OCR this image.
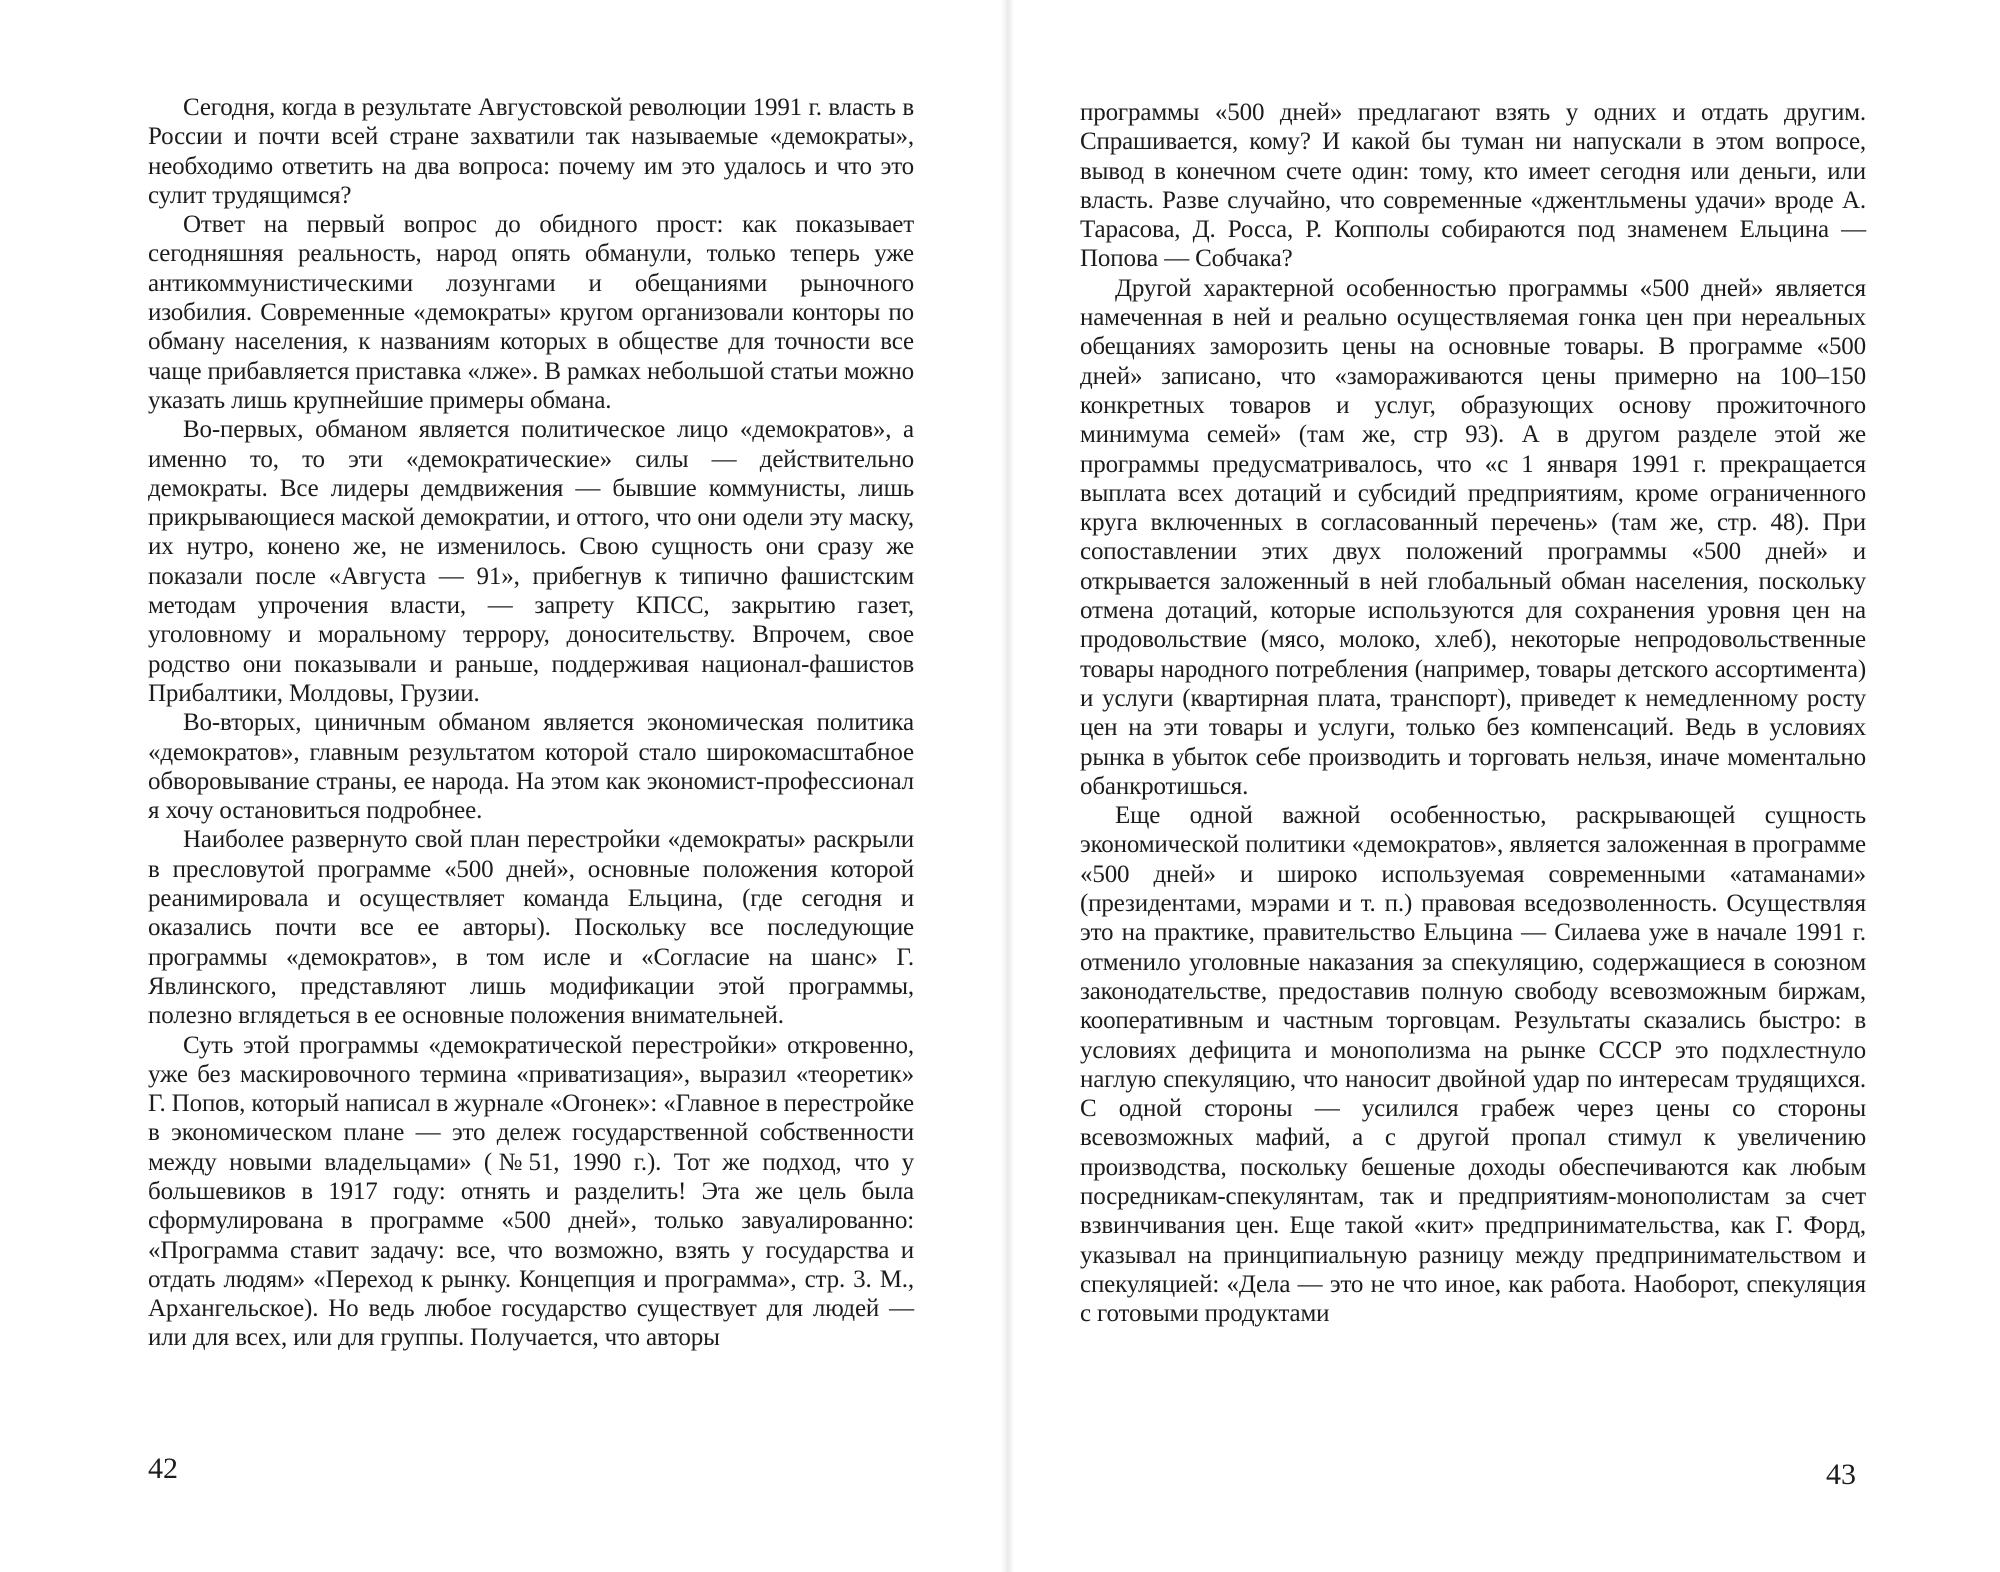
Сегодня, когда в результате Августовской революции 1991 г. власть в России и почти всей стране захватили так называемые «демократы», необходимо ответить на два вопроса: почему им это удалось и что это сулит трудящимся?

Ответ на первый вопрос до обидного прост: как показывает сегодняшняя реальность, народ опять обманули, только теперь уже антикоммунистическими лозунгами и обещаниями рыночного изобилия. Современные «демократы» кругом организовали конторы по обману населения, к названиям которых в обществе для точности все чаще прибавляется приставка «лже». В рамках небольшой статьи можно указать лишь крупнейшие примеры обмана.

Во-первых, обманом является политическое лицо «демократов», а именно то, то эти «демократические» силы — действительно демократы. Все лидеры демдвижения — бывшие коммунисты, лишь прикрывающиеся маской демократии, и оттого, что они одели эту маску, их нутро, конено же, не изменилось. Свою сущность они сразу же показали после «Августа — 91», прибегнув к типично фашистским методам упрочения власти, — запрету КПСС, закрытию газет, уголовному и моральному террору, доносительству. Впрочем, свое родство они показывали и раньше, поддерживая национал-фашистов Прибалтики, Молдовы, Грузии.

Во-вторых, циничным обманом является экономическая политика «демократов», главным результатом которой стало широкомасштабное обворовывание страны, ее народа. На этом как экономист-профессионал я хочу остановиться подробнее.

Наиболее развернуто свой план перестройки «демократы» раскрыли в пресловутой программе «500 дней», основные положения которой реанимировала и осуществляет команда Ельцина, (где сегодня и оказались почти все ее авторы). Поскольку все последующие программы «демократов», в том исле и «Согласие на шанс» Г. Явлинского, представляют лишь модификации этой программы, полезно вглядеться в ее основные положения внимательней.

Суть этой программы «демократической перестройки» откровенно, уже без маскировочного термина «приватизация», выразил «теоретик» Г. Попов, который написал в журнале «Огонек»: «Главное в перестройке в экономическом плане — это дележ государственной собственности между новыми владельцами» (№51, 1990 г.). Тот же подход, что у большевиков в 1917 году: отнять и разделить! Эта же цель была сформулирована в программе «500 дней», только завуалированно: «Программа ставит задачу: все, что возможно, взять у государства и отдать людям» «Переход к рынку. Концепция и программа», стр. 3. М., Архангельское). Но ведь любое государство существует для людей — или для всех, или для группы. Получается, что авторы

42

программы «500 дней» предлагают взять у одних и отдать другим. Спрашивается, кому? И какой бы туман ни напускали в этом вопросе, вывод в конечном счете один: тому, кто имеет сегодня или деньги, или власть. Разве случайно, что современные «джентльмены удачи» вроде А. Тарасова, Д. Росса, Р. Копполы собираются под знаменем Ельцина — Попова — Собчака?

Другой характерной особенностью программы «500 дней» является намеченная в ней и реально осуществляемая гонка цен при нереальных обещаниях заморозить цены на основные товары. В программе «500 дней» записано, что «замораживаются цены примерно на 100–150 конкретных товаров и услуг, образующих основу прожиточного минимума семей» (там же, стр 93). А в другом разделе этой же программы предусматривалось, что «с 1 января 1991 г. прекращается выплата всех дотаций и субсидий предприятиям, кроме ограниченного круга включенных в согласованный перечень» (там же, стр. 48). При сопоставлении этих двух положений программы «500 дней» и открывается заложенный в ней глобальный обман населения, поскольку отмена дотаций, которые используются для сохранения уровня цен на продовольствие (мясо, молоко, хлеб), некоторые непродовольственные товары народного потребления (например, товары детского ассортимента) и услуги (квартирная плата, транспорт), приведет к немедленному росту цен на эти товары и услуги, только без компенсаций. Ведь в условиях рынка в убыток себе производить и торговать нельзя, иначе моментально обанкротишься.

Еще одной важной особенностью, раскрывающей сущность экономической политики «демократов», является заложенная в программе «500 дней» и широко используемая современными «атаманами» (президентами, мэрами и т. п.) правовая вседозволенность. Осуществляя это на практике, правительство Ельцина — Силаева уже в начале 1991 г. отменило уголовные наказания за спекуляцию, содержащиеся в союзном законодательстве, предоставив полную свободу всевозможным биржам, кооперативным и частным торговцам. Результаты сказались быстро: в условиях дефицита и монополизма на рынке СССР это подхлестнуло наглую спекуляцию, что наносит двойной удар по интересам трудящихся. С одной стороны — усилился грабеж через цены со стороны всевозможных мафий, а с другой пропал стимул к увеличению производства, поскольку бешеные доходы обеспечиваются как любым посредникам-спекулянтам, так и предприятиям-монополистам за счет взвинчивания цен. Еще такой «кит» предпринимательства, как Г. Форд, указывал на принципиальную разницу между предпринимательством и спекуляцией: «Дела — это не что иное, как работа. Наоборот, спекуляция с готовыми продуктами

43
